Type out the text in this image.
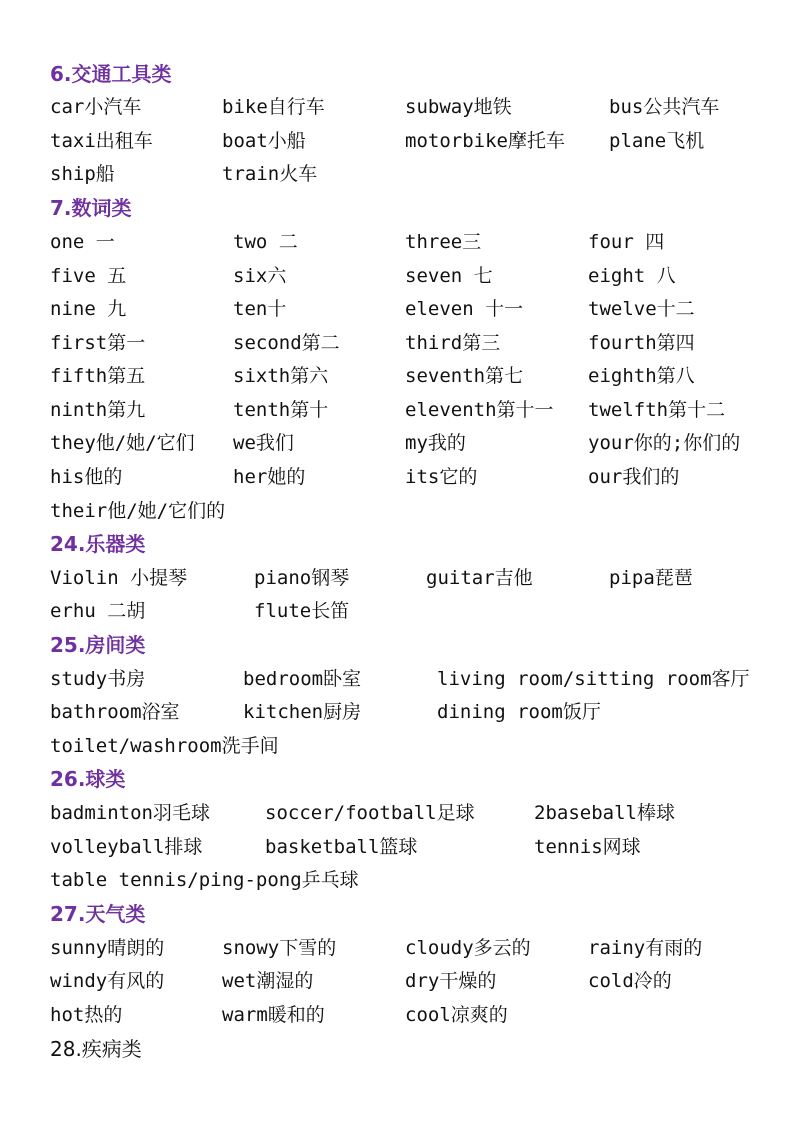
6.交通工具类
car小汽车	bike自行车	subway地铁	bus公共汽车
taxi出租车	boat小船	motorbike摩托车 plane飞机
ship船	train火车
7.数词类
one 一	two 二	three三	four 四
five 五	six六	seven 七	eight 八
nine 九	ten十	eleven 十一	twelve十二
first第一	second第二	third第三	fourth第四
fifth第五	sixth第六	seventh第七	eighth第八
ninth第九	tenth第十	eleventh第十一 twelfth第十二
they他/她/它们 we我们	my我的	your你的;你们的
his他的	her她的	its它的	our我们的
their他/她/它们的
24.乐器类
Violin 小提琴	piano钢琴	guitar吉他	pipa琵琶
erhu 二胡	flute长笛
25.房间类
study书房	bedroom卧室	living room/sitting room客厅
bathroom浴室	kitchen厨房	dining room饭厅
toilet/washroom洗手间
26.球类
badminton羽毛球	soccer/football足球	2baseball棒球
volleyball排球	basketball篮球	tennis网球
table tennis/ping-pong乒乓球
27.天气类
sunny晴朗的	snowy下雪的	cloudy多云的	rainy有雨的
windy有风的	wet潮湿的	dry干燥的	cold冷的
hot热的	warm暖和的	cool凉爽的
28.疾病类
